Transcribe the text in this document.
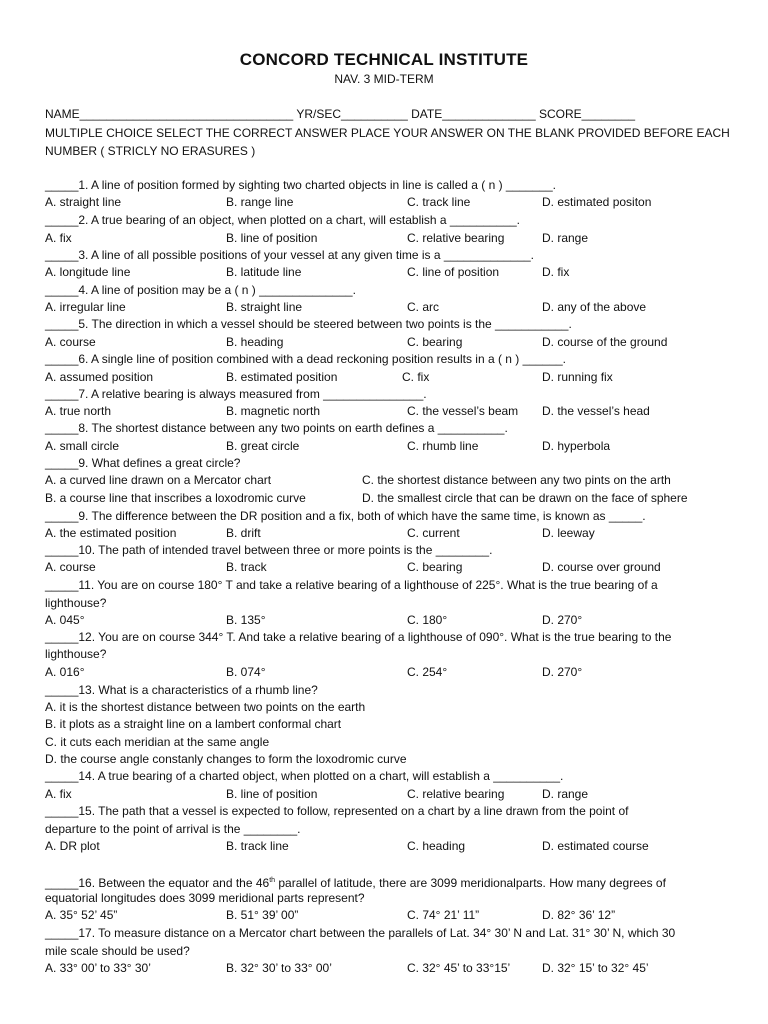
CONCORD TECHNICAL INSTITUTE
NAV. 3 MID-TERM
NAME________________________________ YR/SEC__________ DATE______________ SCORE________
MULTIPLE CHOICE SELECT THE CORRECT ANSWER PLACE YOUR ANSWER ON THE BLANK PROVIDED BEFORE EACH
NUMBER ( STRICLY NO ERASURES )
_____1. A line of position formed by sighting two charted objects in line is called a ( n ) _______.
A. straight line	B. range line	C. track line	D. estimated positon
_____2. A true bearing of an object, when plotted on a chart, will establish a __________.
A. fix	B. line of position	C. relative bearing	D. range
_____3. A line of all possible positions of your vessel at any given time is a _____________.
A. longitude line	B. latitude line	C. line of position	D. fix
_____4. A line of position may be a ( n ) ______________.
A. irregular line	B. straight line	C. arc	D. any of the above
_____5. The direction in which a vessel should be steered between two points is the ___________.
A. course	B. heading	C. bearing	D. course of the ground
_____6. A single line of position combined with a dead reckoning position results in a ( n ) ______.
A. assumed position	B. estimated position	C. fix	D. running fix
_____7. A relative bearing is always measured from _______________.
A. true north	B. magnetic north	C. the vessel’s beam D. the vessel’s head
_____8. The shortest distance between any two points on earth defines a __________.
A. small circle	B. great circle	C. rhumb line	D. hyperbola
_____9. What defines a great circle?
A. a curved line drawn on a Mercator chart	C. the shortest distance between any two pints on the arth
B. a course line that inscribes a loxodromic curve	D. the smallest circle that can be drawn on the face of sphere
_____9. The difference between the DR position and a fix, both of which have the same time, is known as _____.
A. the estimated position	B. drift	C. current	D. leeway
_____10. The path of intended travel between three or more points is the ________.
A. course	B. track	C. bearing	D. course over ground
_____11. You are on course 180° T and take a relative bearing of a lighthouse of 225°. What is the true bearing of a
lighthouse?
A. 045°	B. 135°	C. 180°	D. 270°
_____12. You are on course 344° T. And take a relative bearing of a lighthouse of 090°. What is the true bearing to the
lighthouse?
A. 016°	B. 074°	C. 254°	D. 270°
_____13. What is a characteristics of a rhumb line?
A. it is the shortest distance between two points on the earth
B. it plots as a straight line on a lambert conformal chart
C. it cuts each meridian at the same angle
D. the course angle constanly changes to form the loxodromic curve
_____14. A true bearing of a charted object, when plotted on a chart, will establish a __________.
A. fix	B. line of position	C. relative bearing	D. range
_____15. The path that a vessel is expected to follow, represented on a chart by a line drawn from the point of
departure to the point of arrival is the ________.
A. DR plot	B. track line	C. heading	D. estimated course
_____16. Between the equator and the 46th parallel of latitude, there are 3099 meridionalparts. How many degrees of
equatorial longitudes does 3099 meridional parts represent?
A. 35° 52’ 45”	B. 51° 39’ 00”	C. 74° 21’ 11”	D. 82° 36’ 12”
_____17. To measure distance on a Mercator chart between the parallels of Lat. 34° 30’ N and Lat. 31° 30’ N, which 30
mile scale should be used?
A. 33° 00’ to 33° 30’	B. 32° 30’ to 33° 00’	C. 32° 45’ to 33°15’	D. 32° 15’ to 32° 45’
